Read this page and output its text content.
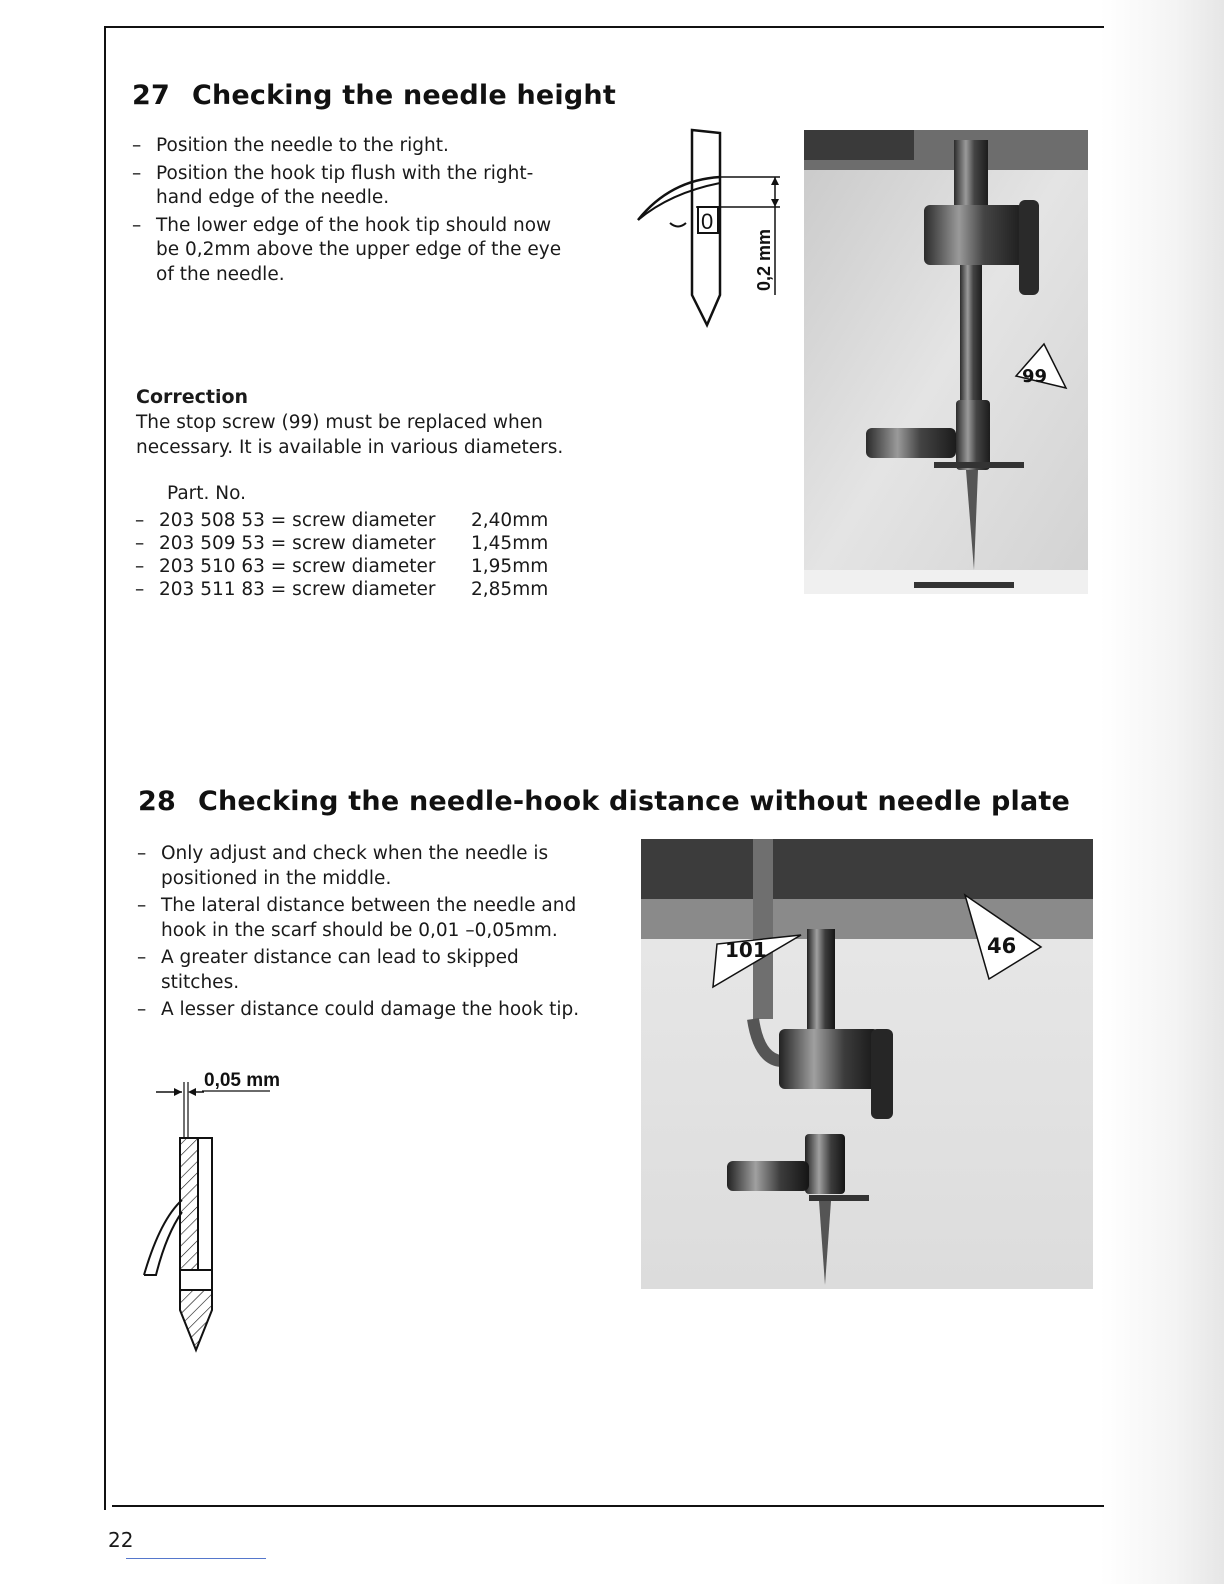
27 Checking the needle height
– Position the needle to the right.
– Position the hook tip flush with the right-hand edge of the needle.
– The lower edge of the hook tip should now be 0,2mm above the upper edge of the eye of the needle.
Correction
The stop screw (99) must be replaced when necessary. It is available in various diameters.
Part. No.
– 203 508 53 = screw diameter 2,40mm
– 203 509 53 = screw diameter 1,45mm
– 203 510 63 = screw diameter 1,95mm
– 203 511 83 = screw diameter 2,85mm
0
0,2 mm
99
28 Checking the needle-hook distance without needle plate
– Only adjust and check when the needle is positioned in the middle.
– The lateral distance between the needle and hook in the scarf should be 0,01 –0,05mm.
– A greater distance can lead to skipped stitches.
– A lesser distance could damage the hook tip.
0,05 mm
101	46
22
